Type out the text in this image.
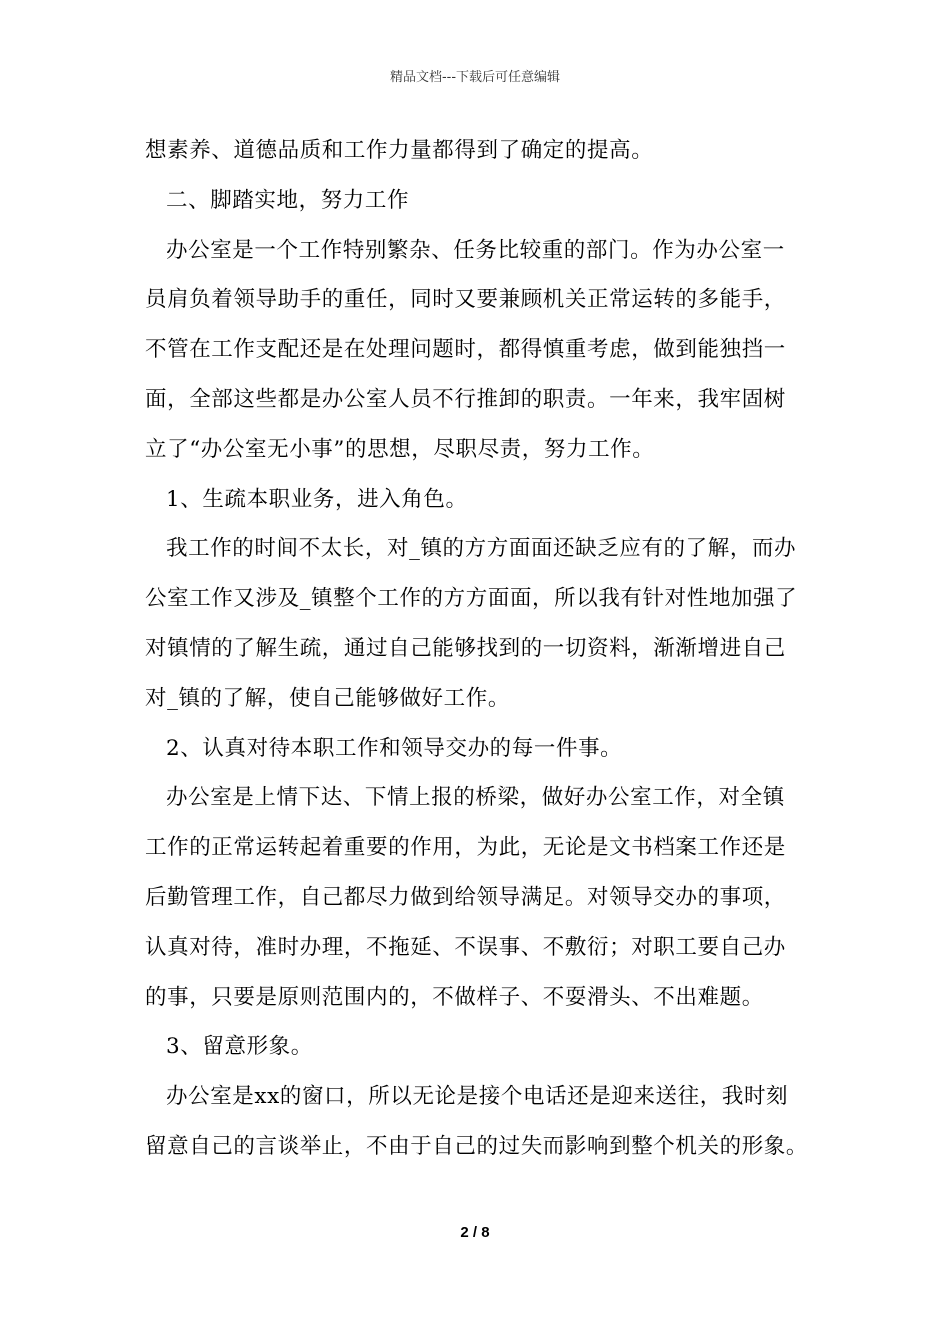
精品文档---下载后可任意编辑
想素养、道德品质和工作力量都得到了确定的提高。
二、脚踏实地，努力工作
办公室是一个工作特别繁杂、任务比较重的部门。作为办公室一
员肩负着领导助手的重任，同时又要兼顾机关正常运转的多能手，
不管在工作支配还是在处理问题时，都得慎重考虑，做到能独挡一
面，全部这些都是办公室人员不行推卸的职责。一年来，我牢固树
立了“办公室无小事”的思想，尽职尽责，努力工作。
1、生疏本职业务，进入角色。
我工作的时间不太长，对_镇的方方面面还缺乏应有的了解，而办
公室工作又涉及_镇整个工作的方方面面，所以我有针对性地加强了
对镇情的了解生疏，通过自己能够找到的一切资料，渐渐增进自己
对_镇的了解，使自己能够做好工作。
2、认真对待本职工作和领导交办的每一件事。
办公室是上情下达、下情上报的桥梁，做好办公室工作，对全镇
工作的正常运转起着重要的作用，为此，无论是文书档案工作还是
后勤管理工作，自己都尽力做到给领导满足。对领导交办的事项，
认真对待，准时办理，不拖延、不误事、不敷衍；对职工要自己办
的事，只要是原则范围内的，不做样子、不耍滑头、不出难题。
3、留意形象。
办公室是xx的窗口，所以无论是接个电话还是迎来送往，我时刻
留意自己的言谈举止，不由于自己的过失而影响到整个机关的形象。
2 / 8
